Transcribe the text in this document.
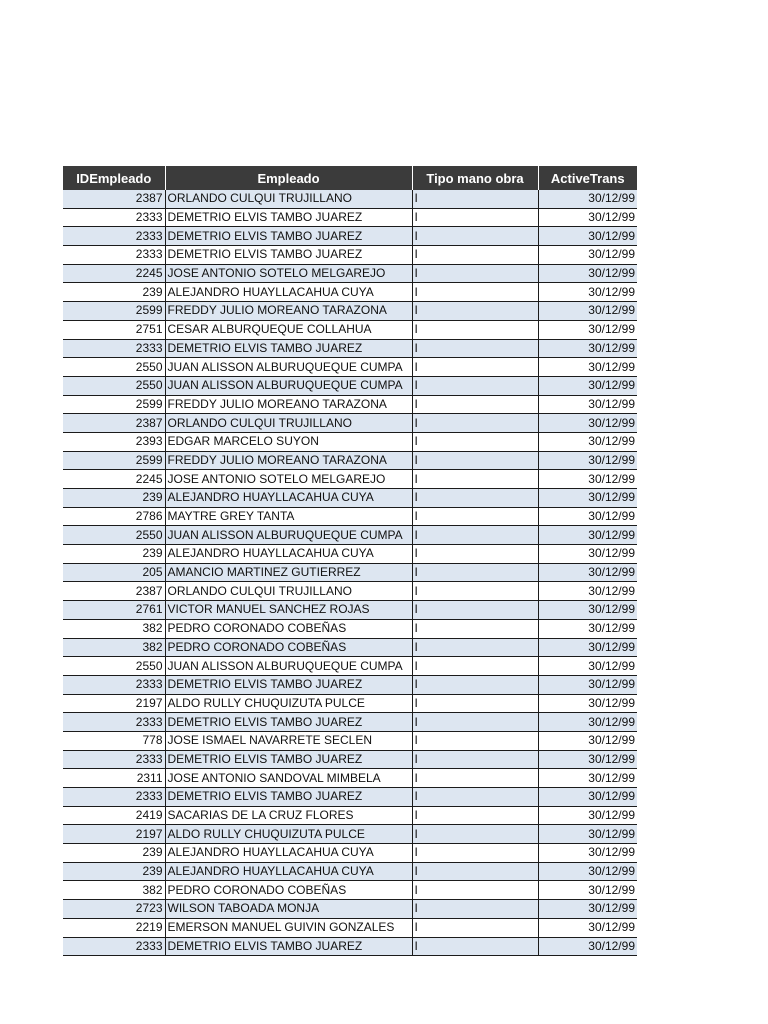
IDEmpleado	Empleado	Tipo mano obra	ActiveTrans
2387	ORLANDO CULQUI TRUJILLANO	I	30/12/99
2333	DEMETRIO ELVIS TAMBO JUAREZ	I	30/12/99
2333	DEMETRIO ELVIS TAMBO JUAREZ	I	30/12/99
2333	DEMETRIO ELVIS TAMBO JUAREZ	I	30/12/99
2245	JOSE ANTONIO SOTELO MELGAREJO	I	30/12/99
239	ALEJANDRO HUAYLLACAHUA CUYA	I	30/12/99
2599	FREDDY JULIO MOREANO TARAZONA	I	30/12/99
2751	CESAR ALBURQUEQUE COLLAHUA	I	30/12/99
2333	DEMETRIO ELVIS TAMBO JUAREZ	I	30/12/99
2550	JUAN ALISSON ALBURUQUEQUE CUMPA	I	30/12/99
2550	JUAN ALISSON ALBURUQUEQUE CUMPA	I	30/12/99
2599	FREDDY JULIO MOREANO TARAZONA	I	30/12/99
2387	ORLANDO CULQUI TRUJILLANO	I	30/12/99
2393	EDGAR MARCELO SUYON	I	30/12/99
2599	FREDDY JULIO MOREANO TARAZONA	I	30/12/99
2245	JOSE ANTONIO SOTELO MELGAREJO	I	30/12/99
239	ALEJANDRO HUAYLLACAHUA CUYA	I	30/12/99
2786	MAYTRE GREY TANTA	I	30/12/99
2550	JUAN ALISSON ALBURUQUEQUE CUMPA	I	30/12/99
239	ALEJANDRO HUAYLLACAHUA CUYA	I	30/12/99
205	AMANCIO MARTINEZ GUTIERREZ	I	30/12/99
2387	ORLANDO CULQUI TRUJILLANO	I	30/12/99
2761	VICTOR MANUEL SANCHEZ ROJAS	I	30/12/99
382	PEDRO CORONADO COBEÑAS	I	30/12/99
382	PEDRO CORONADO COBEÑAS	I	30/12/99
2550	JUAN ALISSON ALBURUQUEQUE CUMPA	I	30/12/99
2333	DEMETRIO ELVIS TAMBO JUAREZ	I	30/12/99
2197	ALDO RULLY CHUQUIZUTA PULCE	I	30/12/99
2333	DEMETRIO ELVIS TAMBO JUAREZ	I	30/12/99
778	JOSE ISMAEL NAVARRETE SECLEN	I	30/12/99
2333	DEMETRIO ELVIS TAMBO JUAREZ	I	30/12/99
2311	JOSE ANTONIO SANDOVAL MIMBELA	I	30/12/99
2333	DEMETRIO ELVIS TAMBO JUAREZ	I	30/12/99
2419	SACARIAS DE LA CRUZ FLORES	I	30/12/99
2197	ALDO RULLY CHUQUIZUTA PULCE	I	30/12/99
239	ALEJANDRO HUAYLLACAHUA CUYA	I	30/12/99
239	ALEJANDRO HUAYLLACAHUA CUYA	I	30/12/99
382	PEDRO CORONADO COBEÑAS	I	30/12/99
2723	WILSON TABOADA MONJA	I	30/12/99
2219	EMERSON MANUEL GUIVIN GONZALES	I	30/12/99
2333	DEMETRIO ELVIS TAMBO JUAREZ	I	30/12/99
